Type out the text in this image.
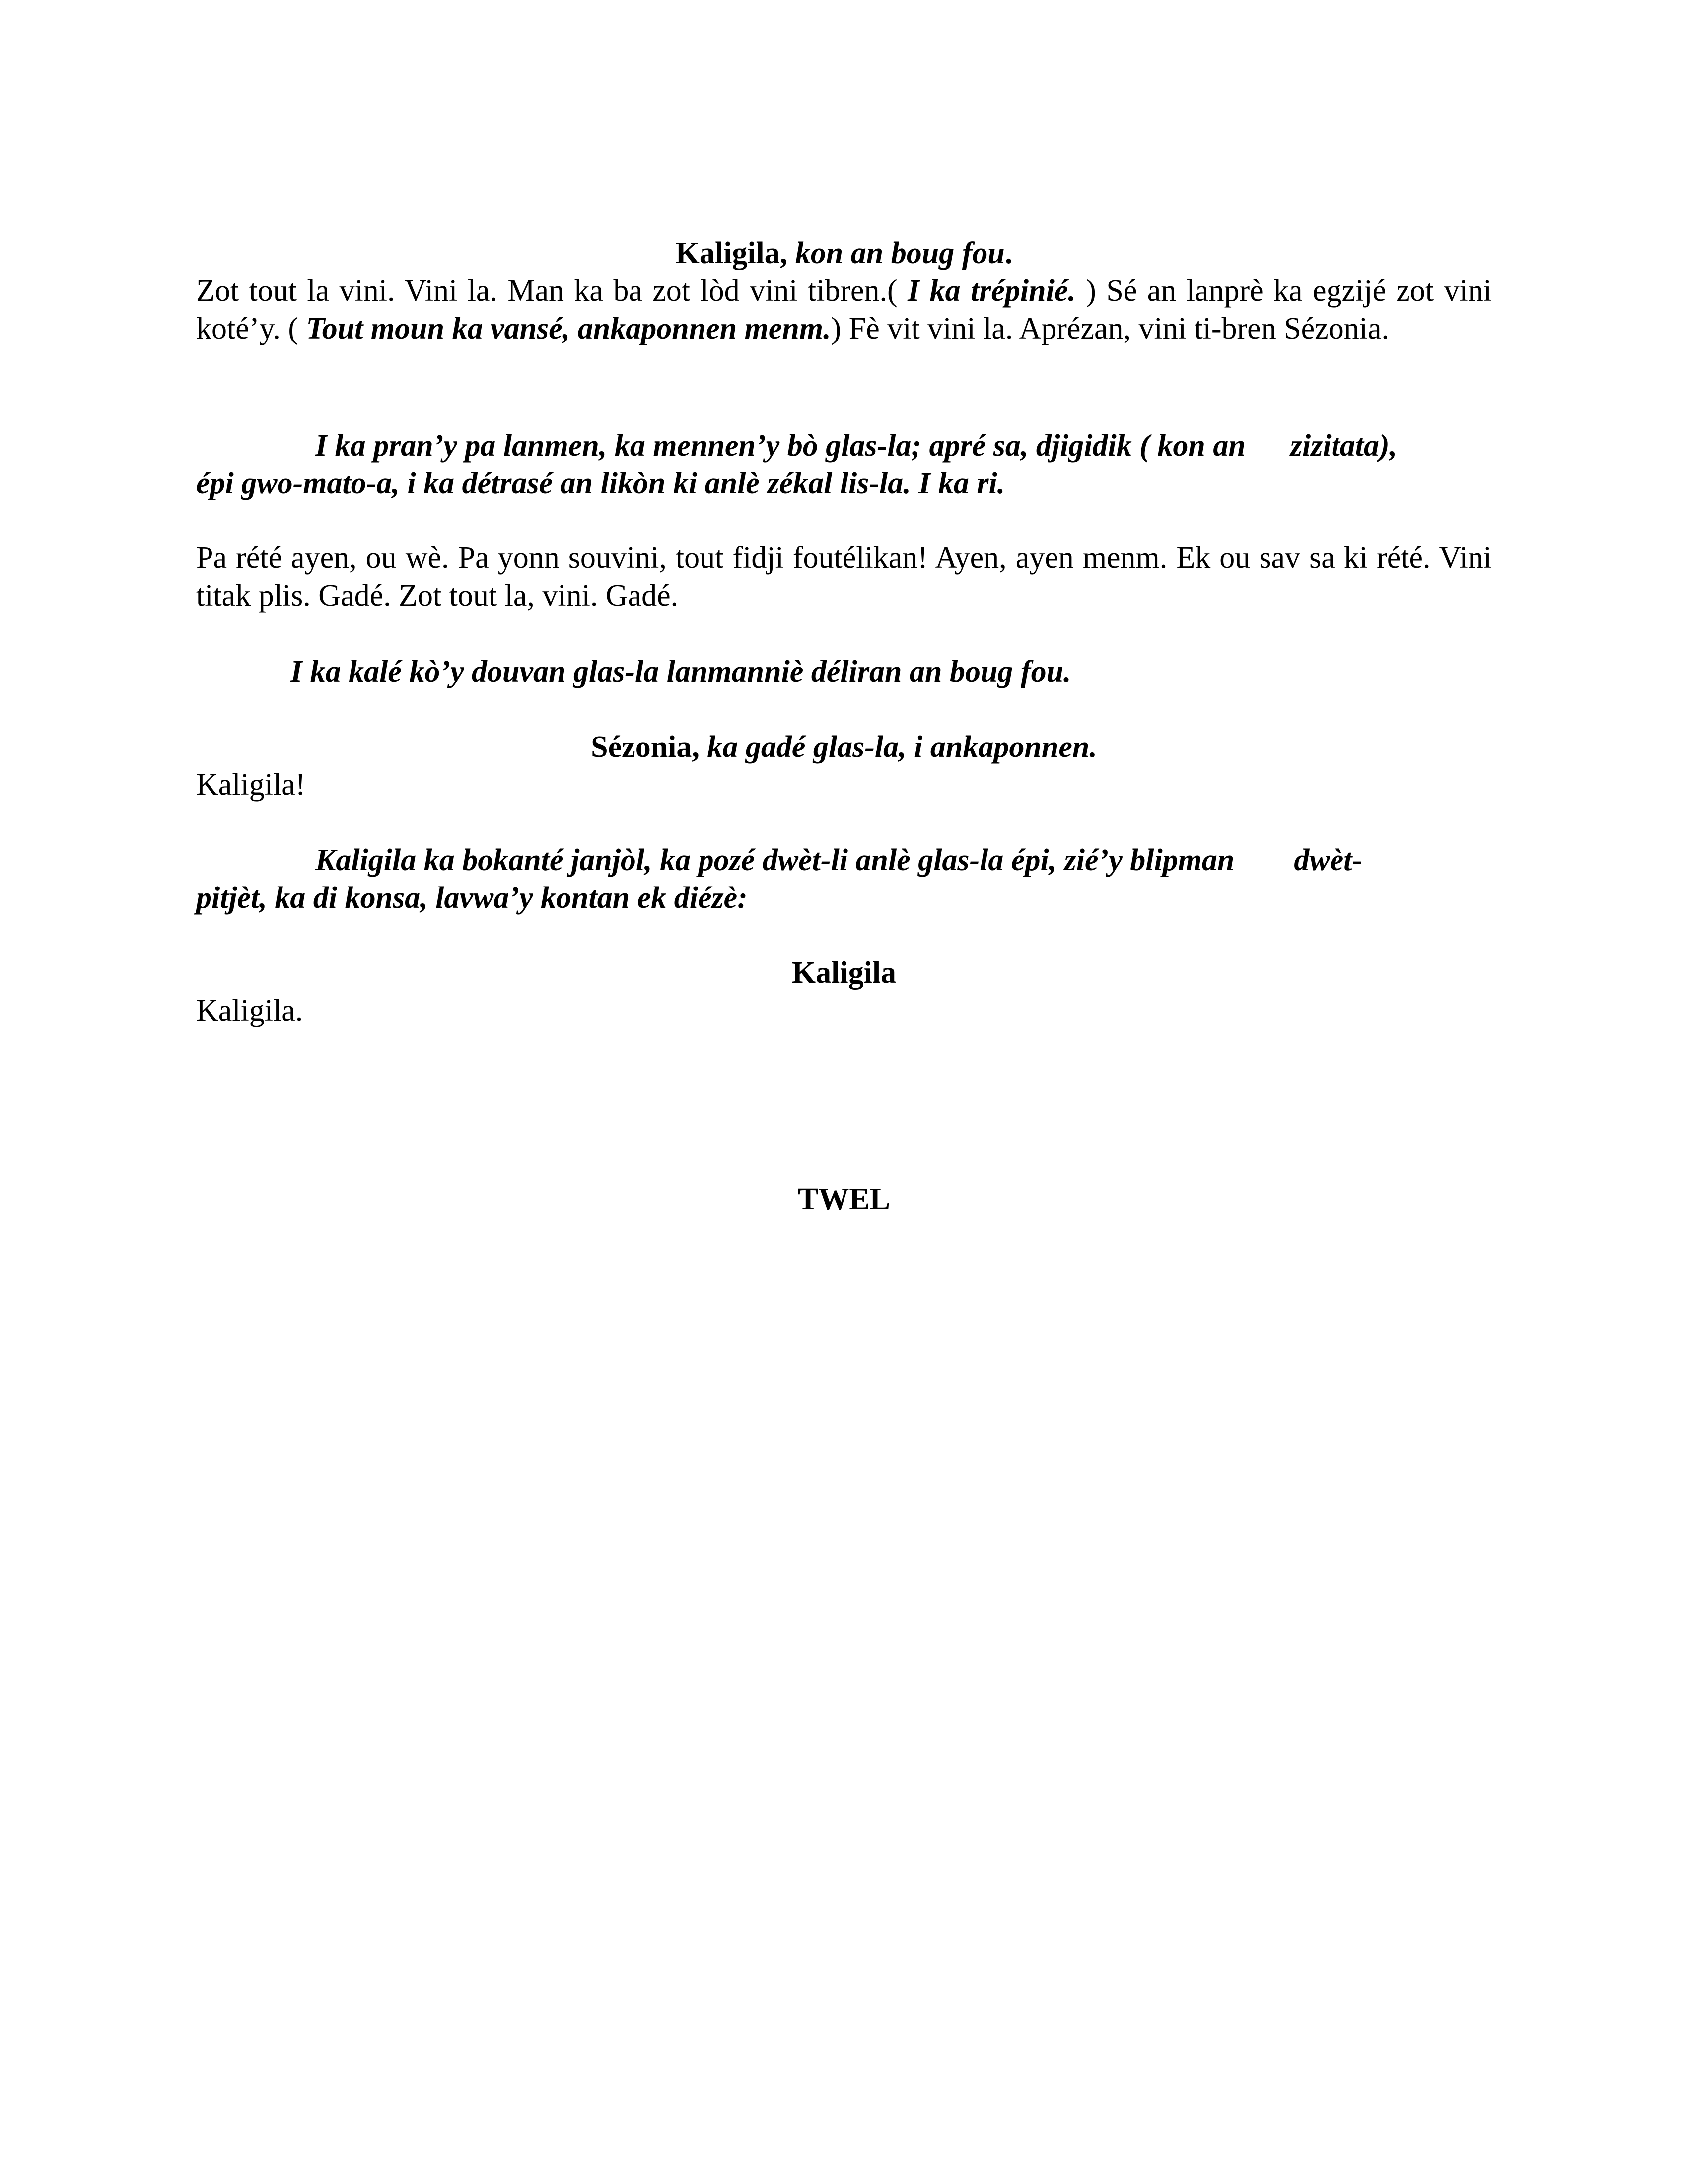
Kaligila, kon an boug fou.

Zot tout la vini. Vini la. Man ka ba zot lòd vini tibren.( I ka trépinié. ) Sé an lanprè ka egzijé zot vini koté’y. ( Tout moun ka vansé, ankaponnen menm.) Fè vit vini la. Aprézan, vini ti-bren Sézonia.

I ka pran’y pa lanmen, ka mennen’y bò glas-la; apré sa, djigidik ( kon an zizitata),
épi gwo-mato-a, i ka détrasé an likòn ki anlè zékal lis-la. I ka ri.

Pa rété ayen, ou wè. Pa yonn souvini, tout fidji foutélikan! Ayen, ayen menm. Ek ou sav sa ki rété. Vini titak plis. Gadé. Zot tout la, vini. Gadé.

I ka kalé kò’y douvan glas-la lanmanniè déliran an boug fou.
Sézonia, ka gadé glas-la, i ankaponnen.
Kaligila!
Kaligila ka bokanté janjòl, ka pozé dwèt-li anlè glas-la épi, zié’y blipman dwèt-
pitjèt, ka di konsa, lavwa’y kontan ek diézè:
Kaligila
Kaligila.
TWEL
